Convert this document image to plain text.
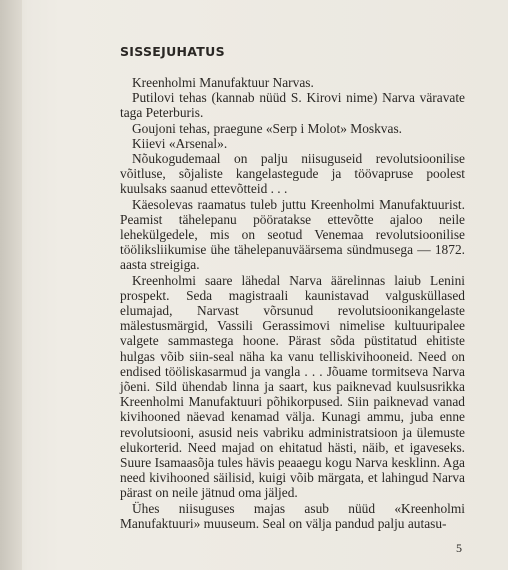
SISSEJUHATUS

Kreenholmi Manufaktuur Narvas.

Putilovi tehas (kannab nüüd S. Kirovi nime) Narva väravate taga Peterburis.

Goujoni tehas, praegune «Serp i Molot» Moskvas.

Kiievi «Arsenal».

Nõukogudemaal on palju niisuguseid revolutsioonilise võitluse, sõjaliste kangelastegude ja töövapruse poolest kuulsaks saanud ettevõtteid . . .

Käesolevas raamatus tuleb juttu Kreenholmi Manufaktuurist. Peamist tähelepanu pööratakse ettevõtte ajaloo neile lehekülgedele, mis on seotud Venemaa revolutsioonilise tööliksliikumise ühe tähelepanuväärsema sündmusega — 1872. aasta streigiga.

Kreenholmi saare lähedal Narva äärelinnas laiub Lenini prospekt. Seda magistraali kaunistavad valgusküllased elumajad, Narvast võrsunud revolutsioonikangelaste mälestusmärgid, Vassili Gerassimovi nimelise kultuuripalee valgete sammastega hoone. Pärast sõda püstitatud ehitiste hulgas võib siin-seal näha ka vanu telliskivihooneid. Need on endised tööliskasarmud ja vangla . . . Jõuame tormitseva Narva jõeni. Sild ühendab linna ja saart, kus paiknevad kuulsusrikka Kreenholmi Manufaktuuri põhikorpused. Siin paiknevad vanad kivihooned näevad kenamad välja. Kunagi ammu, juba enne revolutsiooni, asusid neis vabriku administratsioon ja ülemuste elukorterid. Need majad on ehitatud hästi, näib, et igaveseks. Suure Isamaasõja tules hävis peaaegu kogu Narva kesklinn. Aga need kivihooned säilisid, kuigi võib märgata, et lahingud Narva pärast on neile jätnud oma jäljed.

Ühes niisuguses majas asub nüüd «Kreenholmi Manufaktuuri» muuseum. Seal on välja pandud palju autasu-

5
